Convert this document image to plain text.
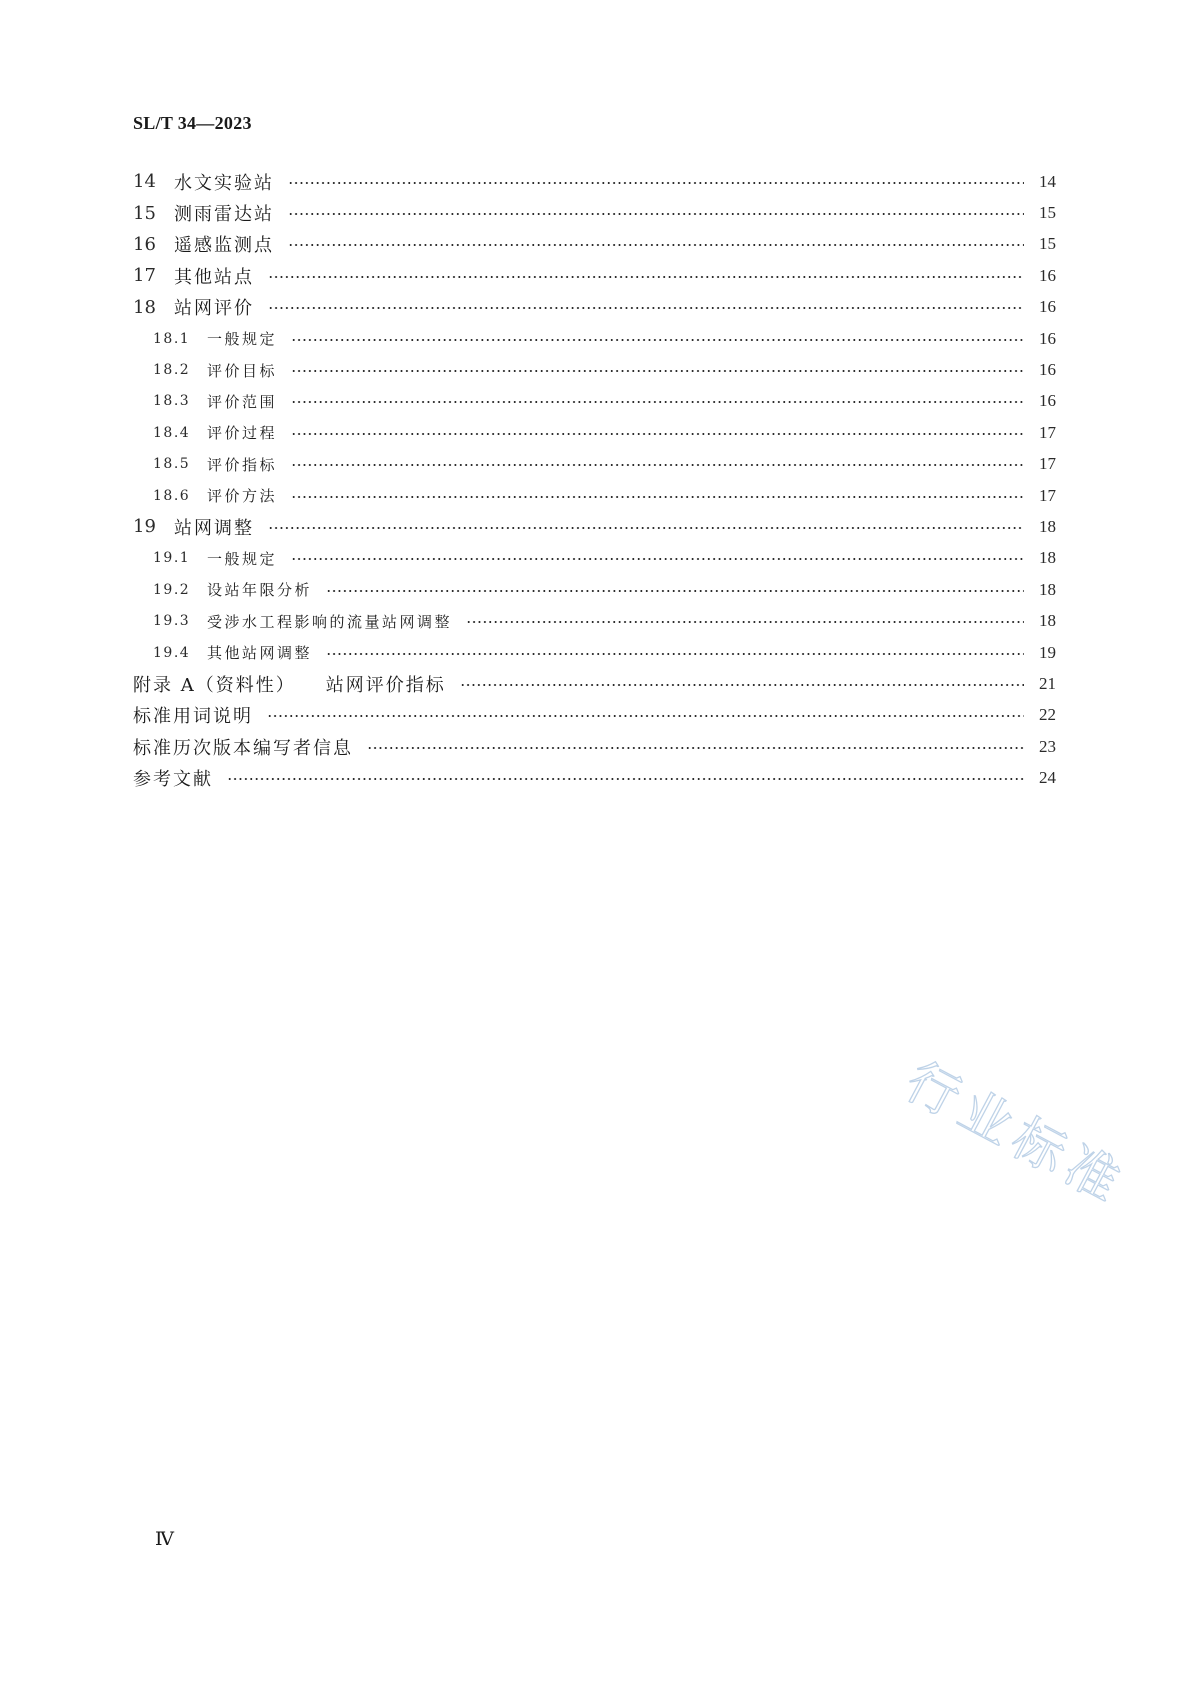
SL/T 34—2023
14	水文实验站	14
15	测雨雷达站	15
16	遥感监测点	15
17	其他站点	16
18	站网评价	16
18.1	一般规定	16
18.2	评价目标	16
18.3	评价范围	16
18.4	评价过程	17
18.5	评价指标	17
18.6	评价方法	17
19	站网调整	18
19.1	一般规定	18
19.2	设站年限分析	18
19.3	受涉水工程影响的流量站网调整	18
19.4	其他站网调整	19
附录 A（资料性） 站网评价指标	21
标准用词说明	22
标准历次版本编写者信息	23
参考文献	24
行业标准
Ⅳ
